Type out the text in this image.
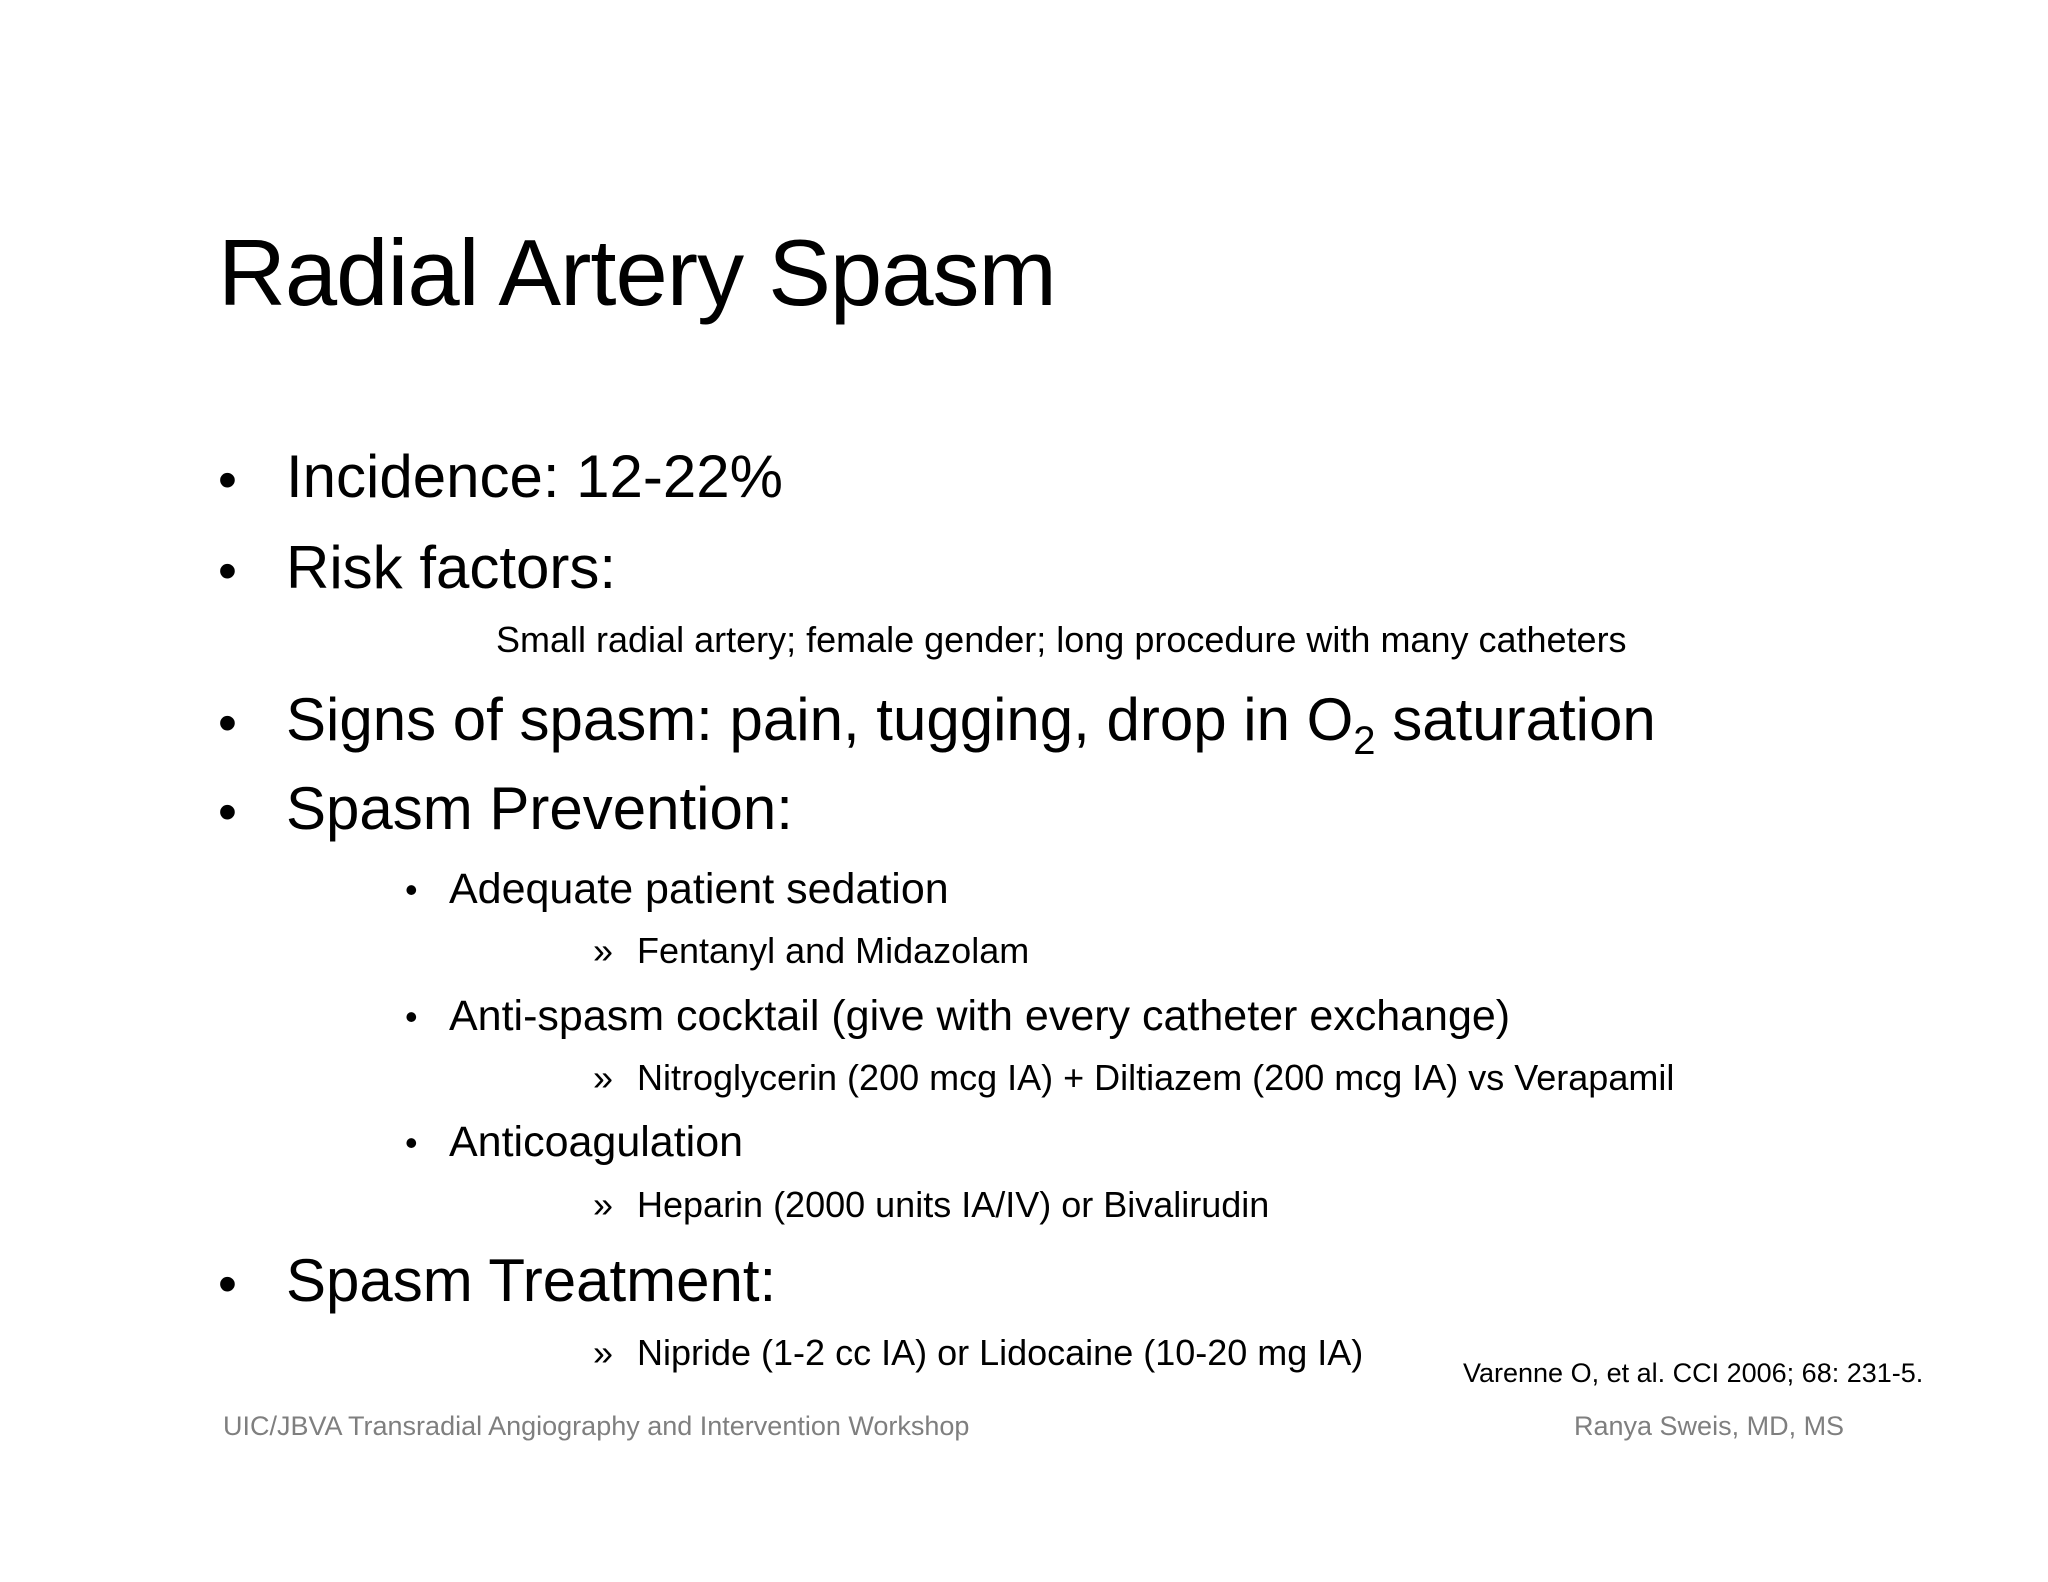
Radial Artery Spasm
• Incidence: 12-22%
• Risk factors:
Small radial artery; female gender; long procedure with many catheters
• Signs of spasm: pain, tugging, drop in $O_2$ saturation
• Spasm Prevention:
• Adequate patient sedation
» Fentanyl and Midazolam
• Anti-spasm cocktail (give with every catheter exchange)
» Nitroglycerin (200 mcg IA) + Diltiazem (200 mcg IA) vs Verapamil
• Anticoagulation
» Heparin (2000 units IA/IV) or Bivalirudin
• Spasm Treatment:
» Nipride (1-2 cc IA) or Lidocaine (10-20 mg IA)	Varenne O, et al. CCI 2006; 68: 231-5.
UIC/JBVA Transradial Angiography and Intervention Workshop	Ranya Sweis, MD, MS
